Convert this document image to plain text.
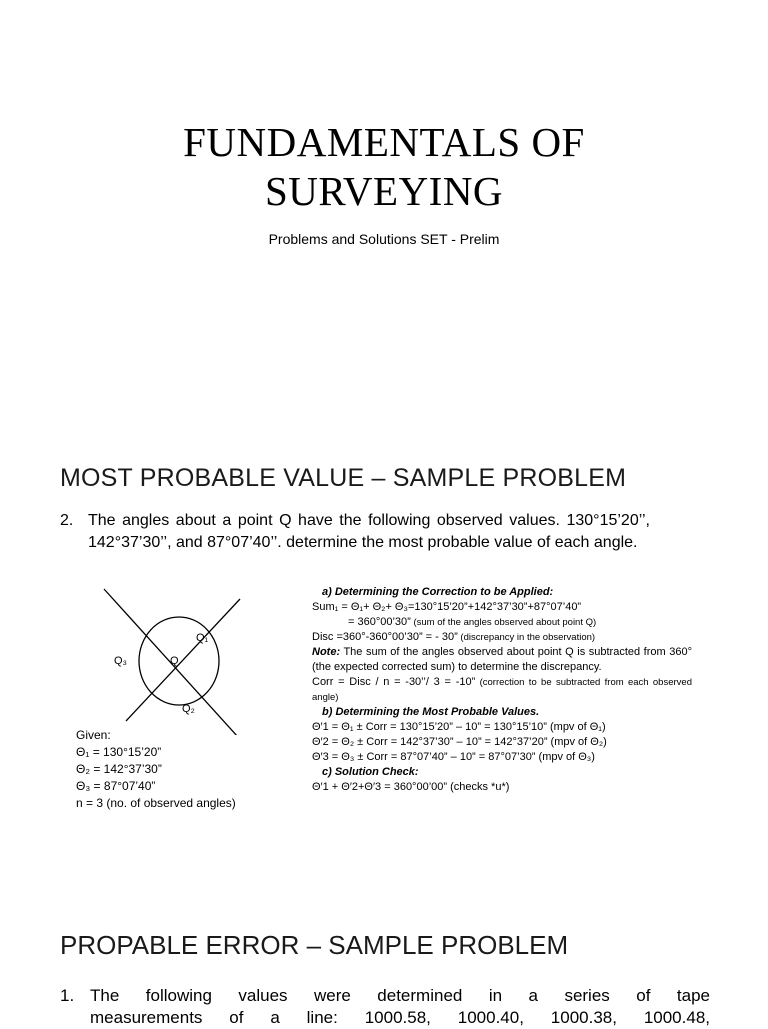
FUNDAMENTALS OF
SURVEYING
Problems and Solutions SET - Prelim
MOST PROBABLE VALUE – SAMPLE PROBLEM
2. The angles about a point Q have the following observed values. 130°15’20’’, 142°37’30’’, and 87°07’40’’. determine the most probable value of each angle.
Q₁
Q₃	Q
Q₂
Given:
Θ₁ = 130°15’20”
Θ₂ = 142°37’30”
Θ₃ = 87°07’40”
n = 3 (no. of observed angles)
a) Determining the Correction to be Applied:
Sum₁ = Θ₁+ Θ₂+ Θ₃=130°15’20”+142°37’30”+87°07’40”
= 360°00’30” (sum of the angles observed about point Q)
Disc =360°-360°00’30” = - 30” (discrepancy in the observation)
Note: The sum of the angles observed about point Q is subtracted from 360° (the expected corrected sum) to determine the discrepancy.
Corr = Disc / n = -30’’/ 3 = -10” (correction to be subtracted from each observed angle)
b) Determining the Most Probable Values.
Θ′1 = Θ₁ ± Corr = 130°15’20” – 10” = 130°15’10” (mpv of Θ₁)
Θ′2 = Θ₂ ± Corr = 142°37’30” – 10” = 142°37’20” (mpv of Θ₂)
Θ′3 = Θ₃ ± Corr = 87°07’40” – 10” = 87°07’30” (mpv of Θ₃)
c) Solution Check:
Θ′1 + Θ′2+Θ′3 = 360°00’00” (checks *u*)
PROPABLE ERROR – SAMPLE PROBLEM
1. The following values were determined in a series of tape
measurements of a line: 1000.58, 1000.40, 1000.38, 1000.48,
